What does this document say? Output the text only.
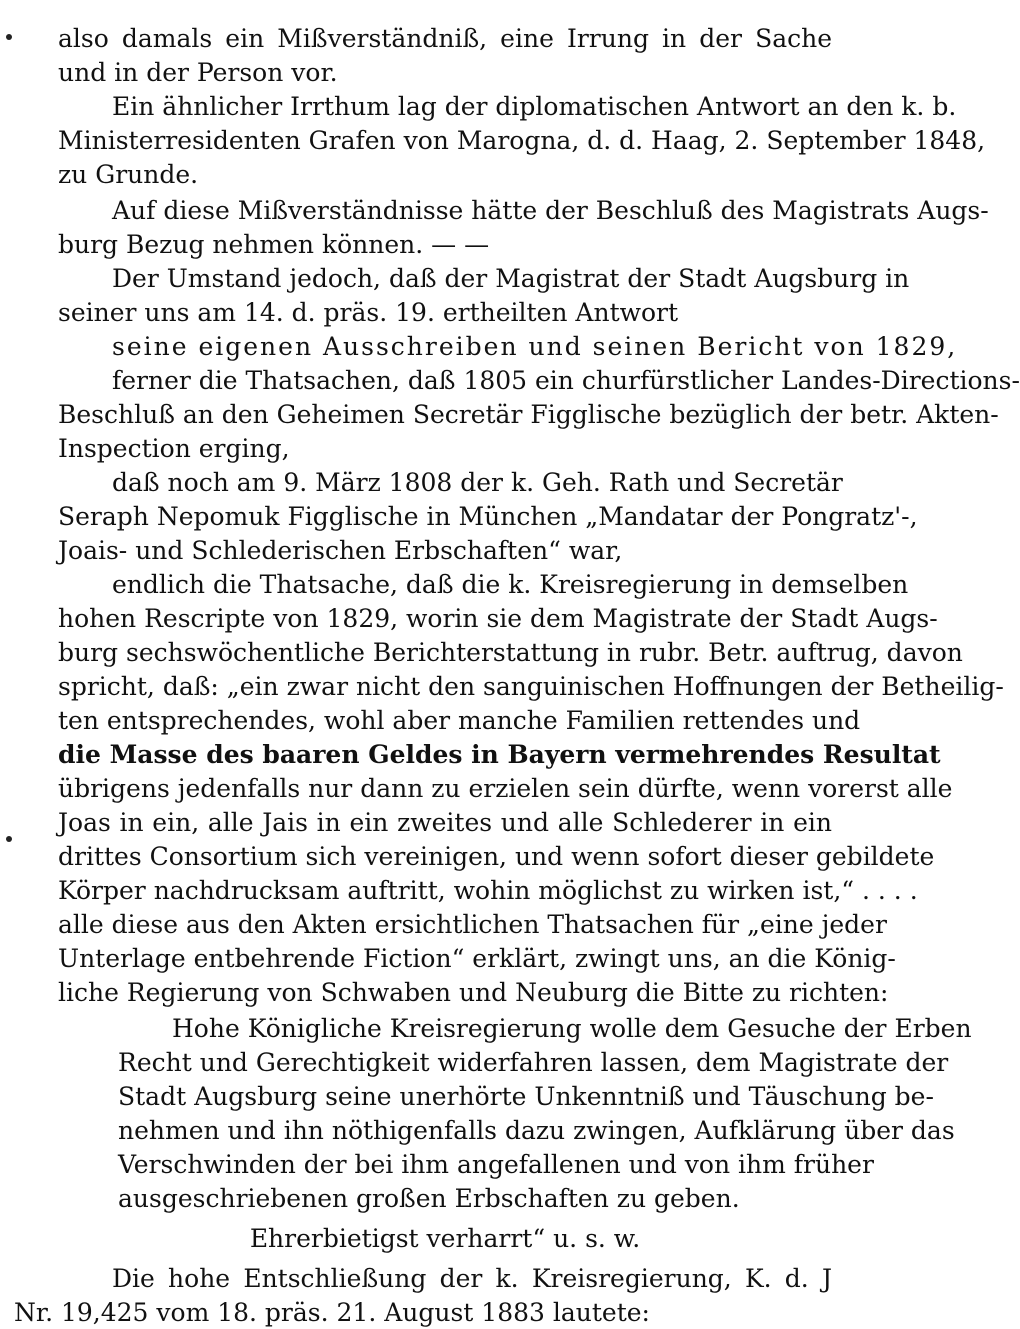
also damals ein Mißverständniß, eine Irrung in der Sache
und in der Person vor.
Ein ähnlicher Irrthum lag der diplomatischen Antwort an den k. b.
Ministerresidenten Grafen von Marogna, d. d. Haag, 2. September 1848,
zu Grunde.
Auf diese Mißverständnisse hätte der Beschluß des Magistrats Augs-
burg Bezug nehmen können. — —
Der Umstand jedoch, daß der Magistrat der Stadt Augsburg in
seiner uns am 14. d. präs. 19. ertheilten Antwort
seine eigenen Ausschreiben und seinen Bericht von 1829,
ferner die Thatsachen, daß 1805 ein churfürstlicher Landes-Directions-
Beschluß an den Geheimen Secretär Figglische bezüglich der betr. Akten-
Inspection erging,
daß noch am 9. März 1808 der k. Geh. Rath und Secretär
Seraph Nepomuk Figglische in München „Mandatar der Pongratz'-,
Joais- und Schlederischen Erbschaften“ war,
endlich die Thatsache, daß die k. Kreisregierung in demselben
hohen Rescripte von 1829, worin sie dem Magistrate der Stadt Augs-
burg sechswöchentliche Berichterstattung in rubr. Betr. auftrug, davon
spricht, daß: „ein zwar nicht den sanguinischen Hoffnungen der Betheilig-
ten entsprechendes, wohl aber manche Familien rettendes und
die Masse des baaren Geldes in Bayern vermehrendes Resultat
übrigens jedenfalls nur dann zu erzielen sein dürfte, wenn vorerst alle
Joas in ein, alle Jais in ein zweites und alle Schlederer in ein
drittes Consortium sich vereinigen, und wenn sofort dieser gebildete
Körper nachdrucksam auftritt, wohin möglichst zu wirken ist,“ . . . .
alle diese aus den Akten ersichtlichen Thatsachen für „eine jeder
Unterlage entbehrende Fiction“ erklärt, zwingt uns, an die König-
liche Regierung von Schwaben und Neuburg die Bitte zu richten:
Hohe Königliche Kreisregierung wolle dem Gesuche der Erben
Recht und Gerechtigkeit widerfahren lassen, dem Magistrate der
Stadt Augsburg seine unerhörte Unkenntniß und Täuschung be-
nehmen und ihn nöthigenfalls dazu zwingen, Aufklärung über das
Verschwinden der bei ihm angefallenen und von ihm früher
ausgeschriebenen großen Erbschaften zu geben.
Ehrerbietigst verharrt“ u. s. w.
Die hohe Entschließung der k. Kreisregierung, K. d. J
Nr. 19,425 vom 18. präs. 21. August 1883 lautete:
